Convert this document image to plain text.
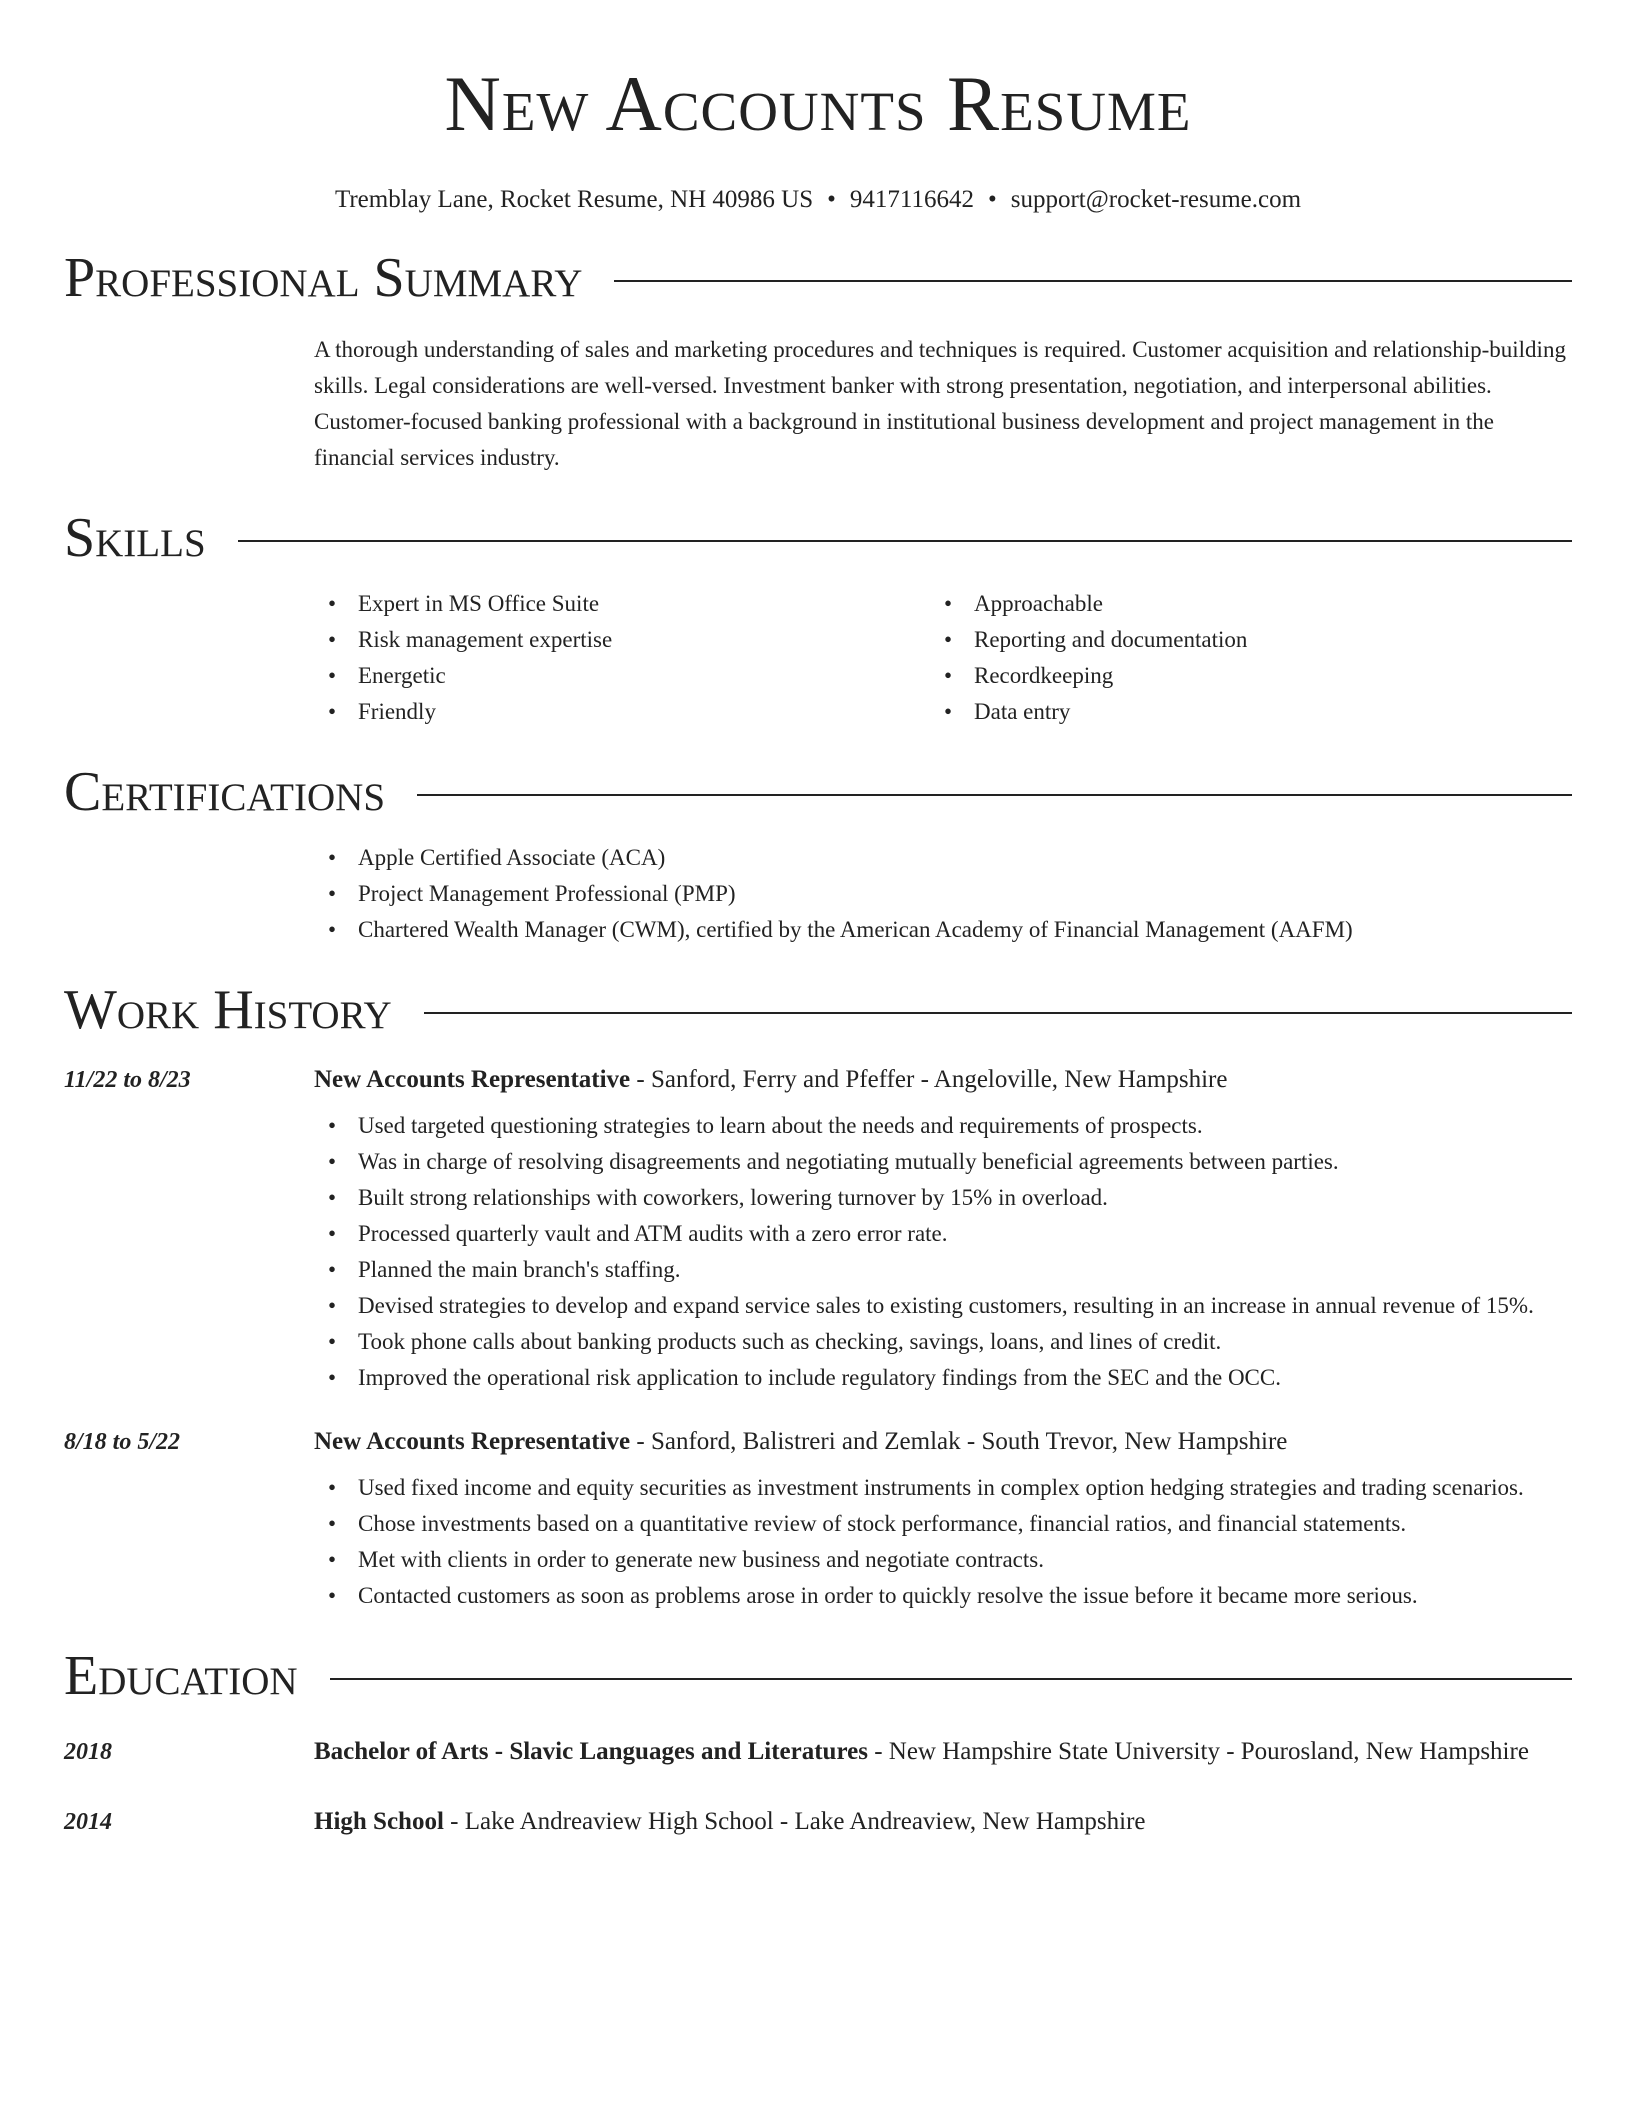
New Accounts Resume
Tremblay Lane, Rocket Resume, NH 40986 US • 9417116642 • support@rocket-resume.com
Professional Summary
A thorough understanding of sales and marketing procedures and techniques is required. Customer acquisition and relationship-building skills. Legal considerations are well-versed. Investment banker with strong presentation, negotiation, and interpersonal abilities. Customer-focused banking professional with a background in institutional business development and project management in the financial services industry.
Skills
• Expert in MS Office Suite
• Risk management expertise
• Energetic
• Friendly
• Approachable
• Reporting and documentation
• Recordkeeping
• Data entry
Certifications
• Apple Certified Associate (ACA)
• Project Management Professional (PMP)
• Chartered Wealth Manager (CWM), certified by the American Academy of Financial Management (AAFM)
Work History
11/22 to 8/23	New Accounts Representative - Sanford, Ferry and Pfeffer - Angeloville, New Hampshire
• Used targeted questioning strategies to learn about the needs and requirements of prospects.
• Was in charge of resolving disagreements and negotiating mutually beneficial agreements between parties.
• Built strong relationships with coworkers, lowering turnover by 15% in overload.
• Processed quarterly vault and ATM audits with a zero error rate.
• Planned the main branch's staffing.
• Devised strategies to develop and expand service sales to existing customers, resulting in an increase in annual revenue of 15%.
• Took phone calls about banking products such as checking, savings, loans, and lines of credit.
• Improved the operational risk application to include regulatory findings from the SEC and the OCC.
8/18 to 5/22	New Accounts Representative - Sanford, Balistreri and Zemlak - South Trevor, New Hampshire
• Used fixed income and equity securities as investment instruments in complex option hedging strategies and trading scenarios.
• Chose investments based on a quantitative review of stock performance, financial ratios, and financial statements.
• Met with clients in order to generate new business and negotiate contracts.
• Contacted customers as soon as problems arose in order to quickly resolve the issue before it became more serious.
Education
2018	Bachelor of Arts - Slavic Languages and Literatures - New Hampshire State University - Pourosland, New Hampshire
2014	High School - Lake Andreaview High School - Lake Andreaview, New Hampshire
